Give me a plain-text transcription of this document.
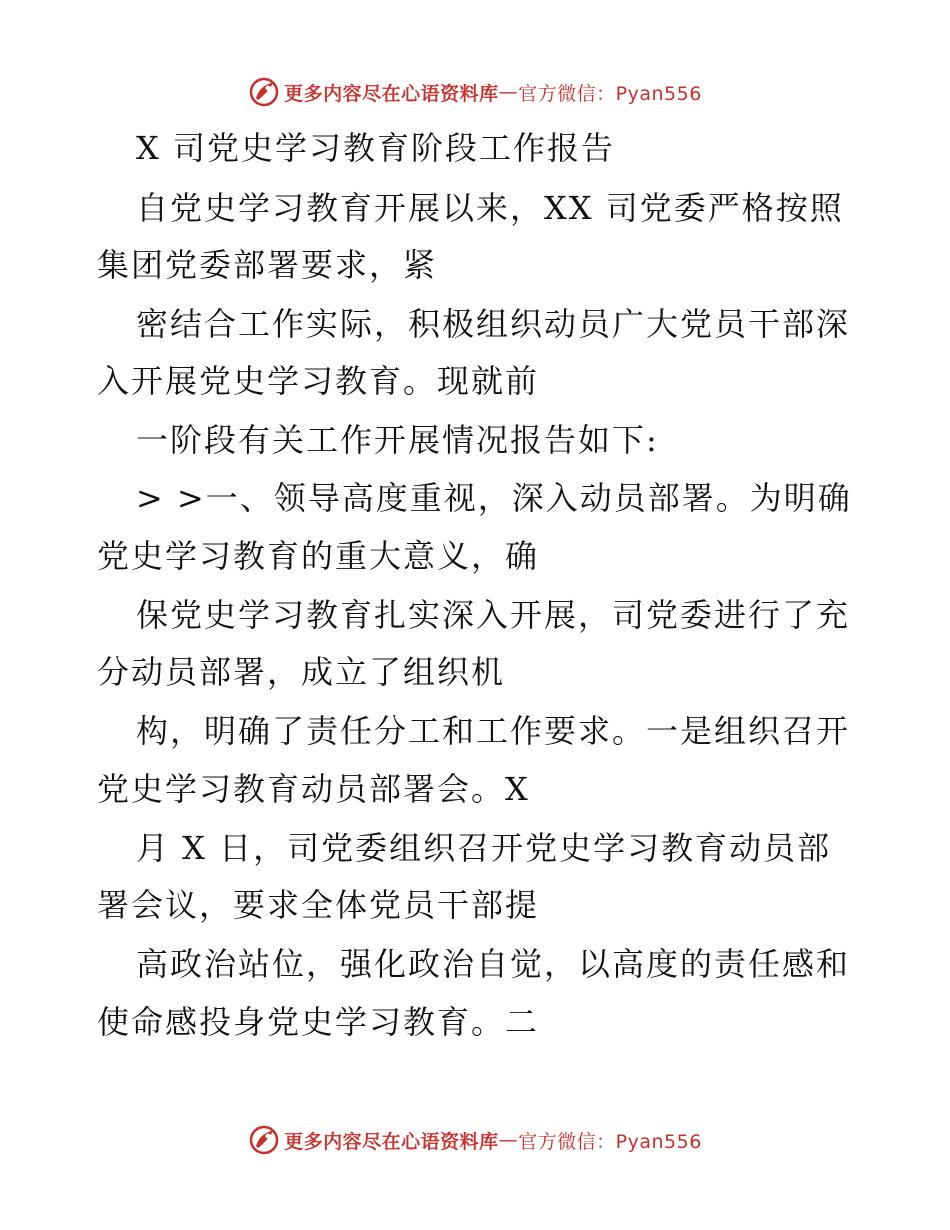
更多内容尽在心语资料库 — 官方微信：Pyan556
X 司党史学习教育阶段工作报告
自党史学习教育开展以来，XX 司党委严格按照
集团党委部署要求，紧
密结合工作实际，积极组织动员广大党员干部深
入开展党史学习教育。现就前
一阶段有关工作开展情况报告如下:
> >一、领导高度重视，深入动员部署。为明确
党史学习教育的重大意义，确
保党史学习教育扎实深入开展，司党委进行了充
分动员部署，成立了组织机
构，明确了责任分工和工作要求。一是组织召开
党史学习教育动员部署会。X
月 X 日，司党委组织召开党史学习教育动员部
署会议，要求全体党员干部提
高政治站位，强化政治自觉，以高度的责任感和
使命感投身党史学习教育。二
更多内容尽在心语资料库 — 官方微信：Pyan556
